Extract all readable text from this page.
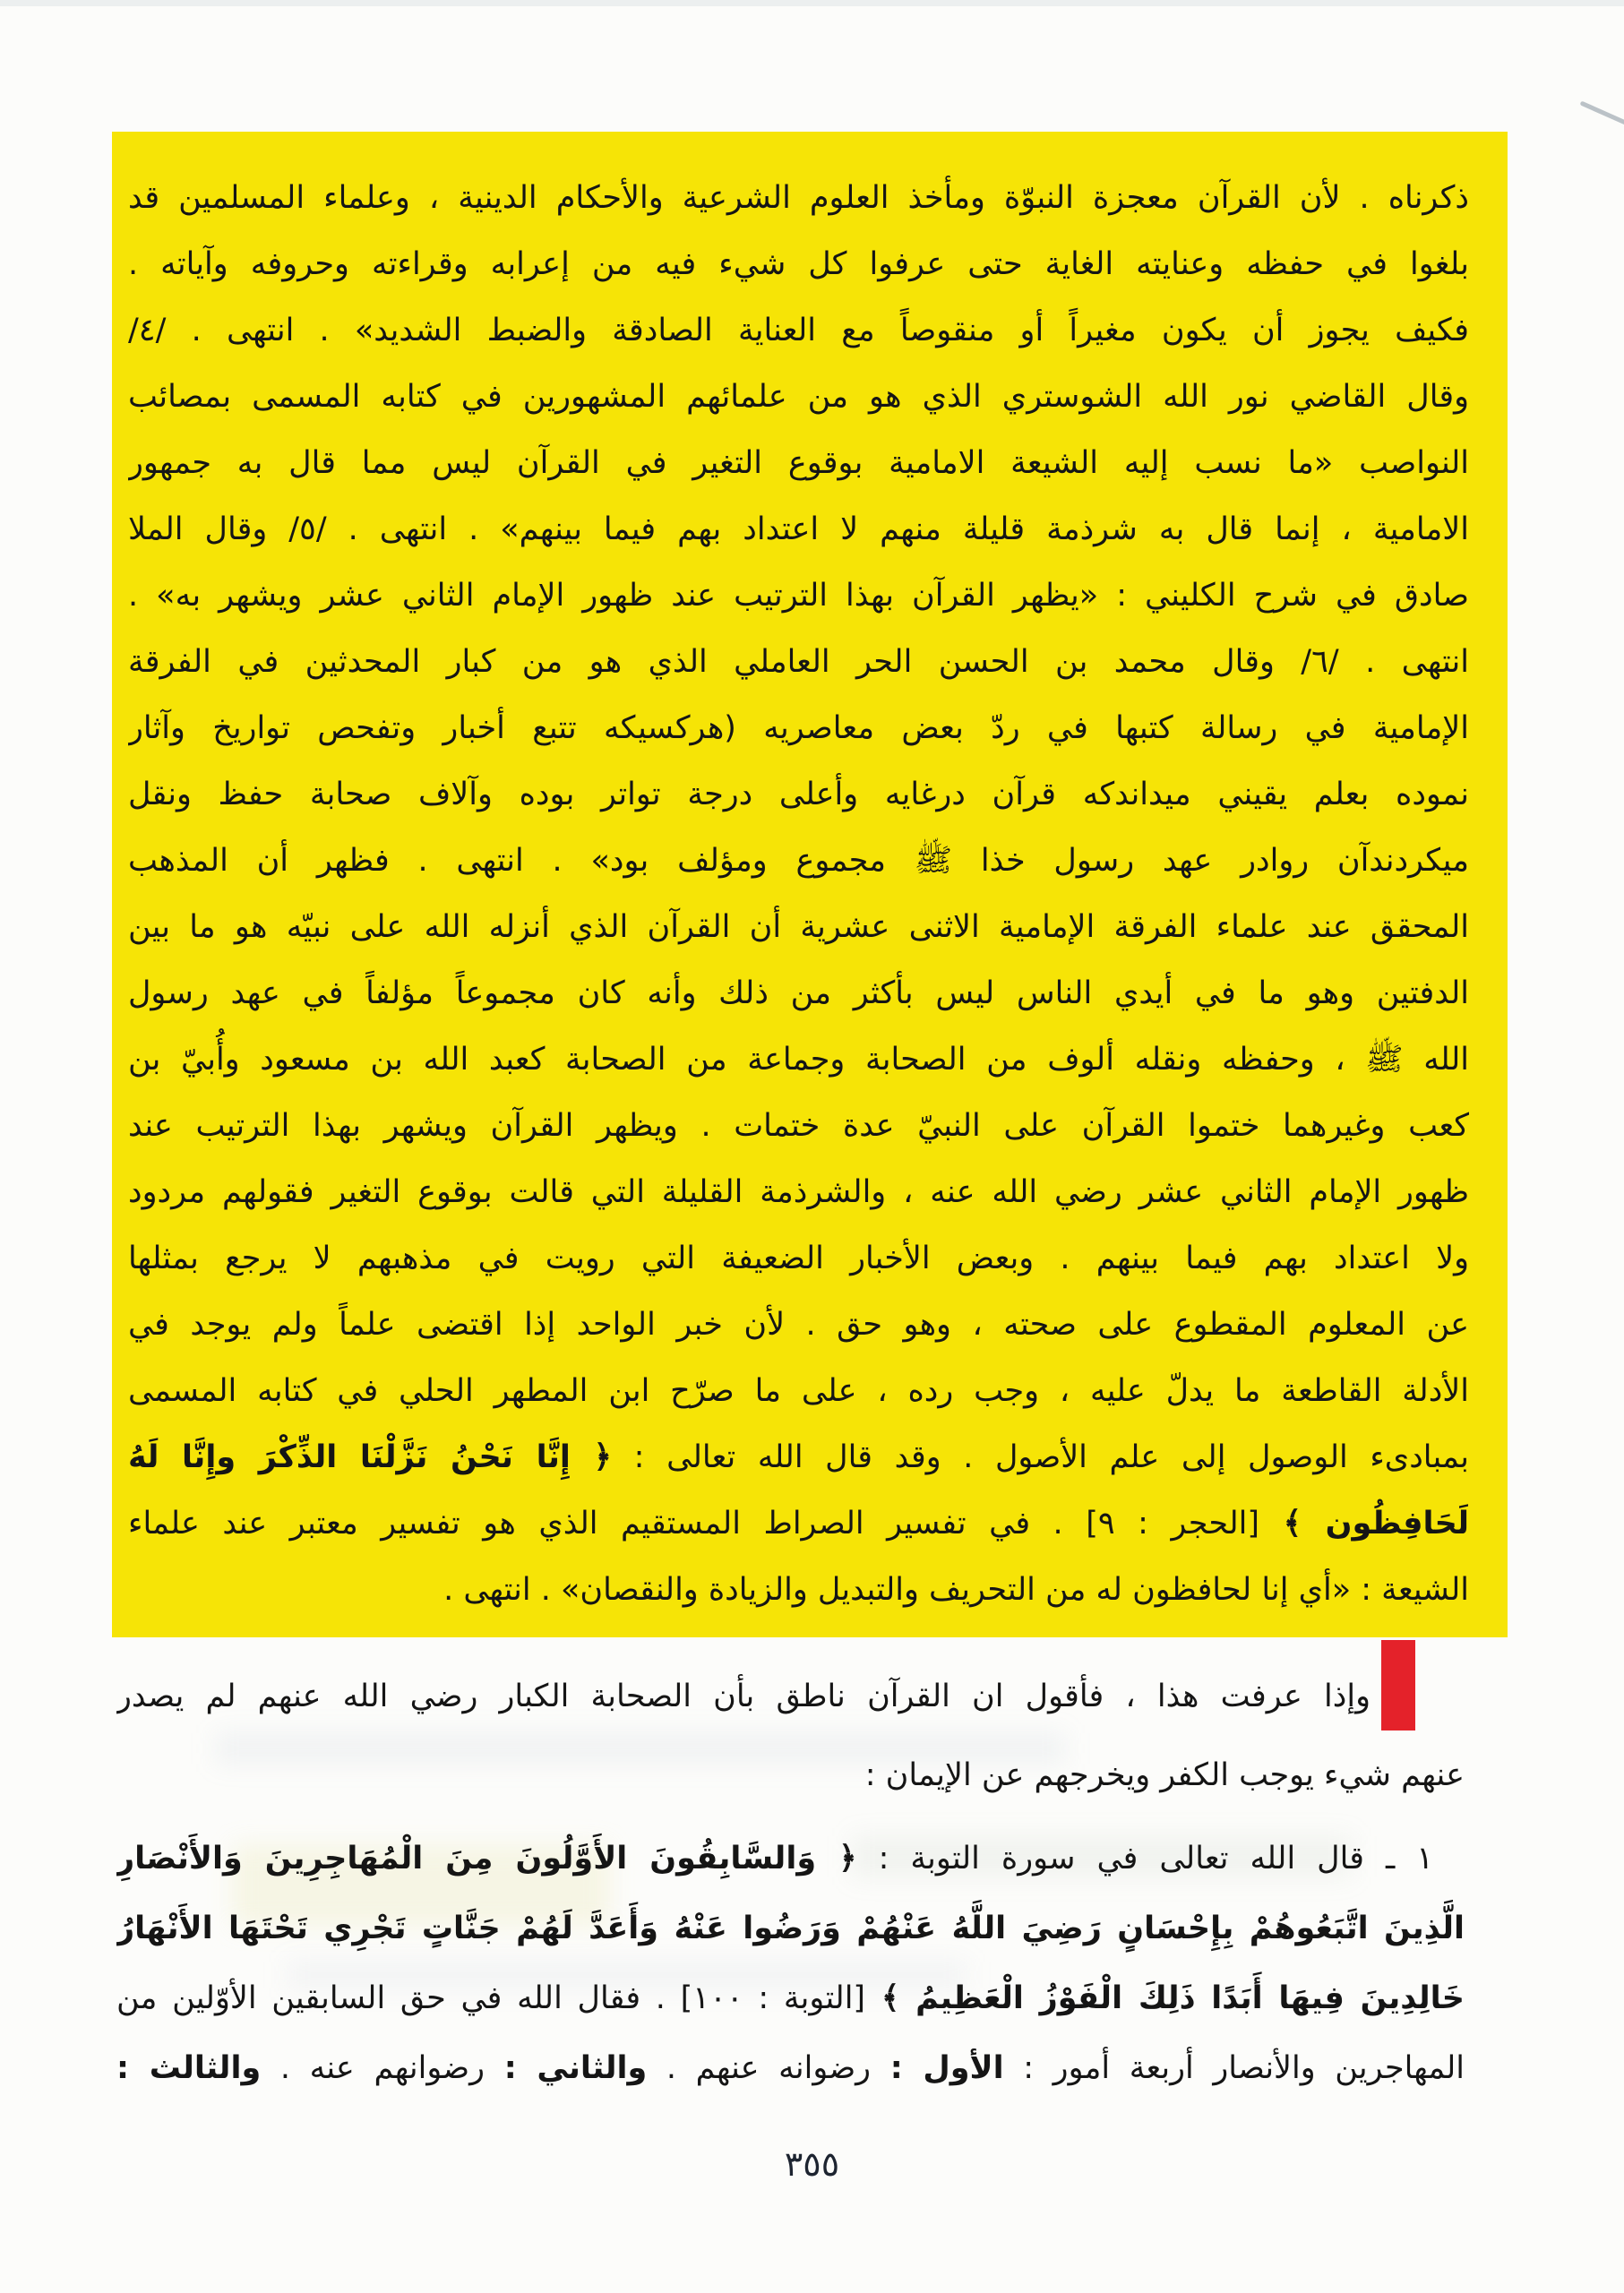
ذكرناه . لأن القرآن معجزة النبوّة ومأخذ العلوم الشرعية والأحكام الدينية ، وعلماء المسلمين قد
بلغوا في حفظه وعنايته الغاية حتى عرفوا كل شيء فيه من إعرابه وقراءته وحروفه وآياته .
فكيف يجوز أن يكون مغيراً أو منقوصاً مع العناية الصادقة والضبط الشديد» . انتهى . /٤/
وقال القاضي نور الله الشوستري الذي هو من علمائهم المشهورين في كتابه المسمى بمصائب
النواصب «ما نسب إليه الشيعة الامامية بوقوع التغير في القرآن ليس مما قال به جمهور
الامامية ، إنما قال به شرذمة قليلة منهم لا اعتداد بهم فيما بينهم» . انتهى . /٥/ وقال الملا
صادق في شرح الكليني : «يظهر القرآن بهذا الترتيب عند ظهور الإمام الثاني عشر ويشهر به» .
انتهى . /٦/ وقال محمد بن الحسن الحر العاملي الذي هو من كبار المحدثين في الفرقة
الإمامية في رسالة كتبها في ردّ بعض معاصريه (هركسيكه تتبع أخبار وتفحص تواريخ وآثار
نموده بعلم يقيني ميداندكه قرآن درغايه وأعلى درجة تواتر بوده وآلاف صحابة حفظ ونقل
ميكردندآن روادر عهد رسول خذا ﷺ مجموع ومؤلف بود» . انتهى . فظهر أن المذهب
المحقق عند علماء الفرقة الإمامية الاثنى عشرية أن القرآن الذي أنزله الله على نبيّه هو ما بين
الدفتين وهو ما في أيدي الناس ليس بأكثر من ذلك وأنه كان مجموعاً مؤلفاً في عهد رسول
الله ﷺ ، وحفظه ونقله ألوف من الصحابة وجماعة من الصحابة كعبد الله بن مسعود وأُبيّ بن
كعب وغيرهما ختموا القرآن على النبيّ عدة ختمات . ويظهر القرآن ويشهر بهذا الترتيب عند
ظهور الإمام الثاني عشر رضي الله عنه ، والشرذمة القليلة التي قالت بوقوع التغير فقولهم مردود
ولا اعتداد بهم فيما بينهم . وبعض الأخبار الضعيفة التي رويت في مذهبهم لا يرجع بمثلها
عن المعلوم المقطوع على صحته ، وهو حق . لأن خبر الواحد إذا اقتضى علماً ولم يوجد في
الأدلة القاطعة ما يدلّ عليه ، وجب رده ، على ما صرّح ابن المطهر الحلي في كتابه المسمى
بمبادىء الوصول إلى علم الأصول . وقد قال الله تعالى : ﴿ إِنَّا نَحْنُ نَزَّلْنَا الذِّكْرَ وإِنَّا لَهُ
لَحَافِظُون ﴾ [الحجر : ٩] . في تفسير الصراط المستقيم الذي هو تفسير معتبر عند علماء
الشيعة : «أي إنا لحافظون له من التحريف والتبديل والزيادة والنقصان» . انتهى .
وإذا عرفت هذا ، فأقول ان القرآن ناطق بأن الصحابة الكبار رضي الله عنهم لم يصدر
عنهم شيء يوجب الكفر ويخرجهم عن الإيمان :
١ ـ قال الله تعالى في سورة التوبة : ﴿ وَالسَّابِقُونَ الأَوَّلُونَ مِنَ الْمُهَاجِرِينَ وَالأَنْصَارِ
الَّذِينَ اتَّبَعُوهُمْ بِإِحْسَانٍ رَضِيَ اللَّهُ عَنْهُمْ وَرَضُوا عَنْهُ وَأَعَدَّ لَهُمْ جَنَّاتٍ تَجْرِي تَحْتَهَا الأَنْهَارُ
خَالِدِينَ فِيهَا أَبَدًا ذَلِكَ الْفَوْزُ الْعَظِيمُ ﴾ [التوبة : ١٠٠] . فقال الله في حق السابقين الأوّلين من
المهاجرين والأنصار أربعة أمور : الأول : رضوانه عنهم . والثاني : رضوانهم عنه . والثالث :
٣٥٥
